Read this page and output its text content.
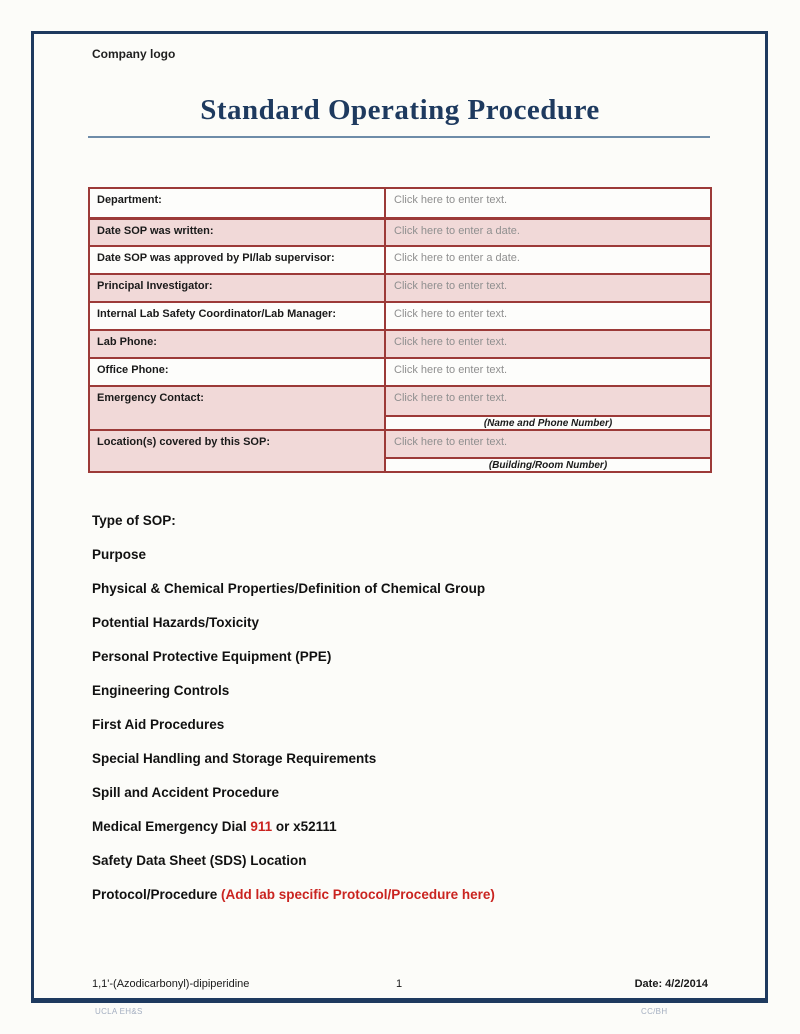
Company logo
Standard Operating Procedure
Department:	Click here to enter text.
Date SOP was written:	Click here to enter a date.
Date SOP was approved by PI/lab supervisor:	Click here to enter a date.
Principal Investigator:	Click here to enter text.
Internal Lab Safety Coordinator/Lab Manager:	Click here to enter text.
Lab Phone:	Click here to enter text.
Office Phone:	Click here to enter text.
Emergency Contact:	Click here to enter text.
(Name and Phone Number)
Location(s) covered by this SOP:	Click here to enter text.
(Building/Room Number)
Type of SOP:
Purpose
Physical & Chemical Properties/Definition of Chemical Group
Potential Hazards/Toxicity
Personal Protective Equipment (PPE)
Engineering Controls
First Aid Procedures
Special Handling and Storage Requirements
Spill and Accident Procedure
Medical Emergency Dial 911 or x52111
Safety Data Sheet (SDS) Location
Protocol/Procedure (Add lab specific Protocol/Procedure here)
1,1'-(Azodicarbonyl)-dipiperidine	1	Date: 4/2/2014
UCLA EH&S	CC/BH
